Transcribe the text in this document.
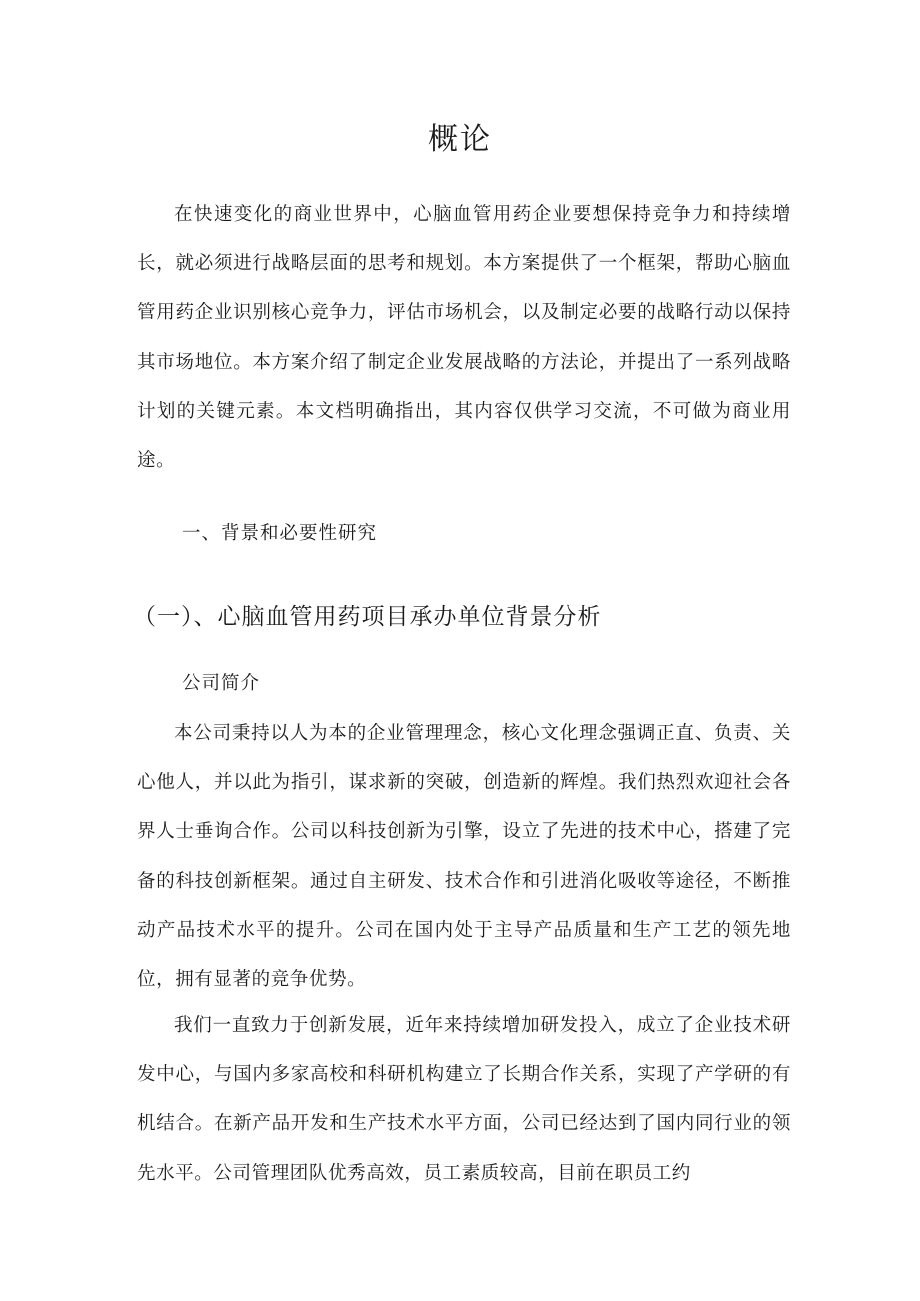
概论

在快速变化的商业世界中，心脑血管用药企业要想保持竞争力和持续增长，就必须进行战略层面的思考和规划。本方案提供了一个框架，帮助心脑血管用药企业识别核心竞争力，评估市场机会，以及制定必要的战略行动以保持其市场地位。本方案介绍了制定企业发展战略的方法论，并提出了一系列战略计划的关键元素。本文档明确指出，其内容仅供学习交流，不可做为商业用途。

一、背景和必要性研究
（一）、心脑血管用药项目承办单位背景分析
公司简介

本公司秉持以人为本的企业管理理念，核心文化理念强调正直、负责、关心他人，并以此为指引，谋求新的突破，创造新的辉煌。我们热烈欢迎社会各界人士垂询合作。公司以科技创新为引擎，设立了先进的技术中心，搭建了完备的科技创新框架。通过自主研发、技术合作和引进消化吸收等途径，不断推动产品技术水平的提升。公司在国内处于主导产品质量和生产工艺的领先地位，拥有显著的竞争优势。

我们一直致力于创新发展，近年来持续增加研发投入，成立了企业技术研发中心，与国内多家高校和科研机构建立了长期合作关系，实现了产学研的有机结合。在新产品开发和生产技术水平方面，公司已经达到了国内同行业的领先水平。公司管理团队优秀高效，员工素质较高，目前在职员工约
